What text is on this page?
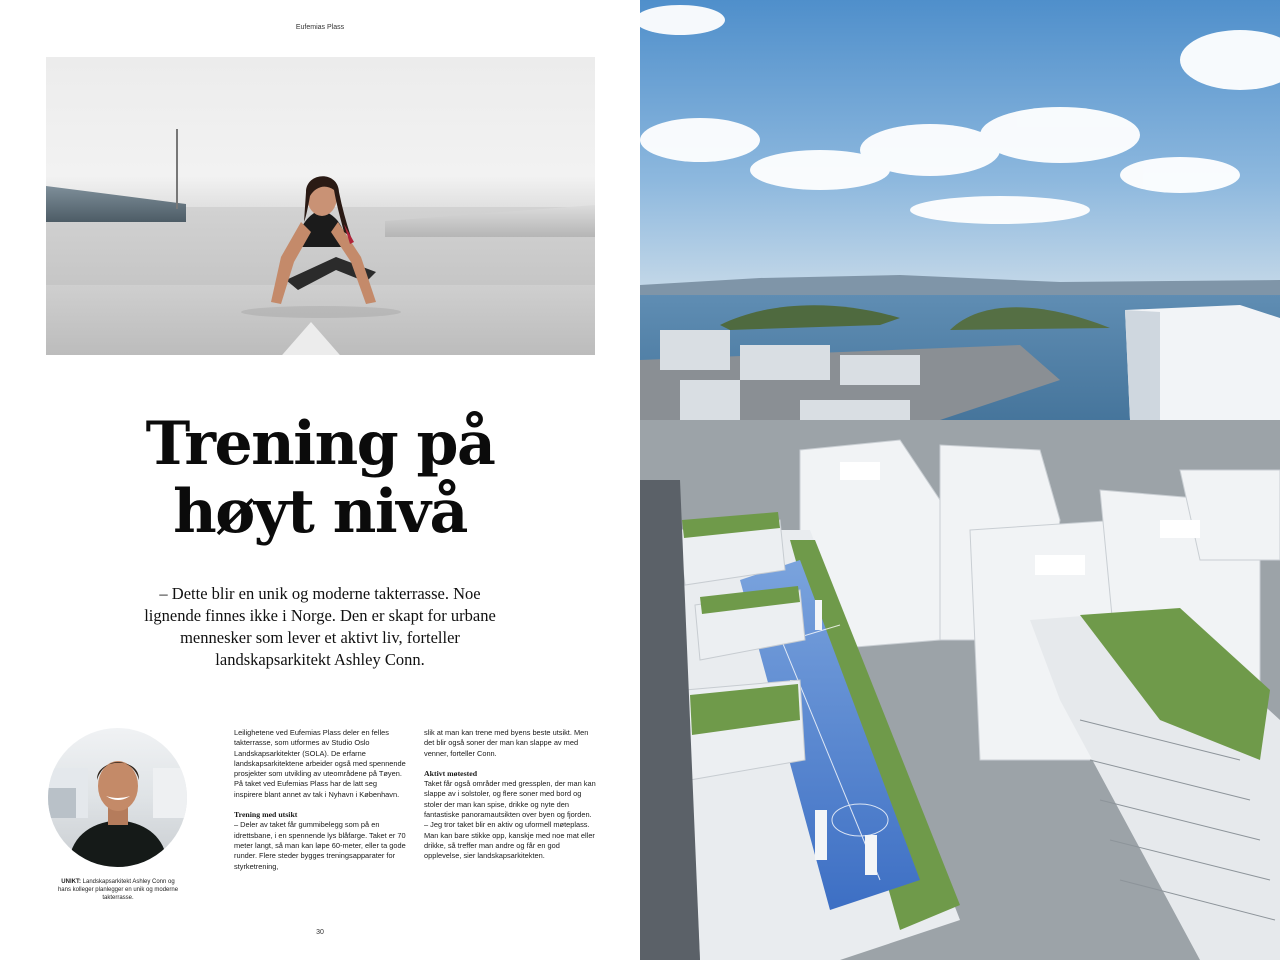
Eufemias Plass
Trening på
høyt nivå
– Dette blir en unik og moderne takterrasse. Noe lignende finnes ikke i Norge. Den er skapt for urbane mennesker som lever et aktivt liv, forteller landskapsarkitekt Ashley Conn.
UNIKT: Landskapsarkitekt Ashley Conn og hans kolleger planlegger en unik og moderne takterrasse.

Leilighetene ved Eufemias Plass deler en felles takterrasse, som utformes av Studio Oslo Landskapsarkitekter (SOLA). De erfarne landskapsarkitektene arbeider også med spennende prosjekter som utvikling av uteområdene på Tøyen. På taket ved Eufemias Plass har de latt seg inspirere blant annet av tak i Nyhavn i København.

Trening med utsikt

– Deler av taket får gummibelegg som på en idrettsbane, i en spennende lys blåfarge. Taket er 70 meter langt, så man kan løpe 60-meter, eller ta gode runder. Flere steder bygges treningsapparater for styrketrening,

slik at man kan trene med byens beste utsikt. Men det blir også soner der man kan slappe av med venner, forteller Conn.

Aktivt møtested

Taket får også områder med gressplen, der man kan slappe av i solstoler, og flere soner med bord og stoler der man kan spise, drikke og nyte den fantastiske panoramautsikten over byen og fjorden.

– Jeg tror taket blir en aktiv og uformell møteplass. Man kan bare stikke opp, kanskje med noe mat eller drikke, så treffer man andre og får en god opplevelse, sier landskapsarkitekten.

30
